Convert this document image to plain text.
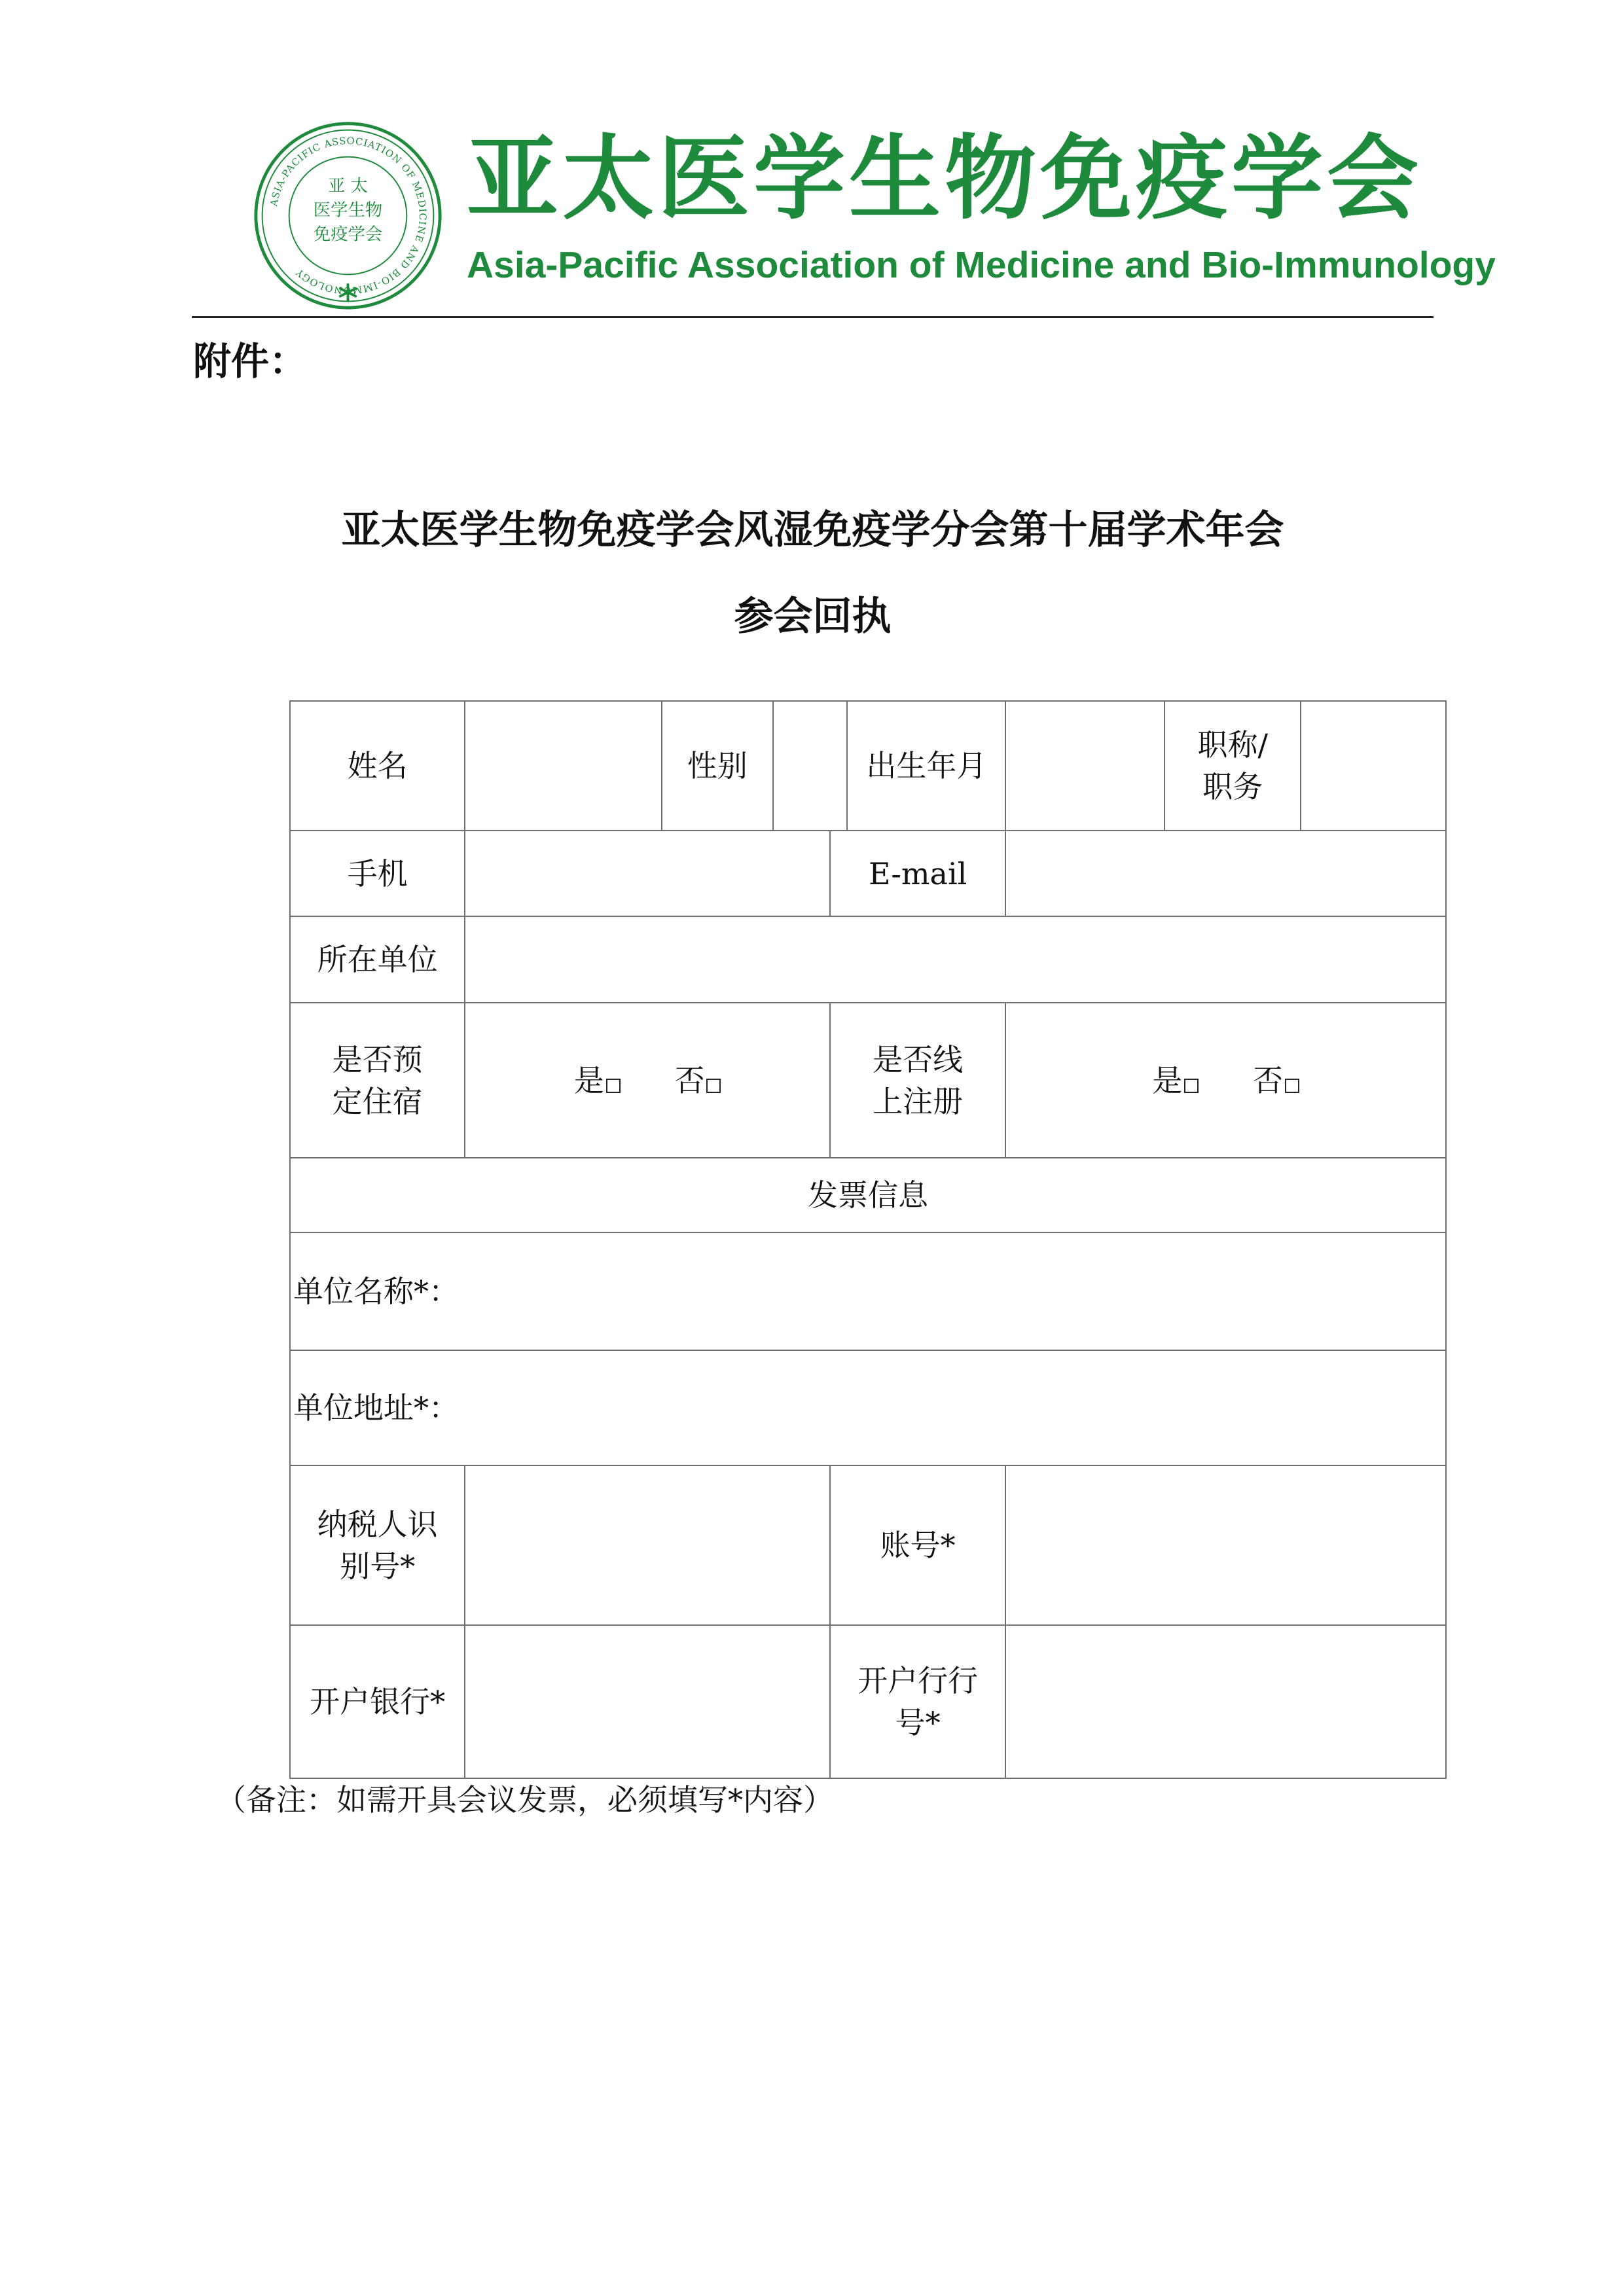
ASIA-PACIFIC ASSOCIATION OF MEDICINE AND BIO-IMM NOLOGY
亚 太
医学生物
免疫学会
亚太医学生物免疫学会
Asia-Pacific Association of Medicine and Bio-Immunology
附件：
亚太医学生物免疫学会风湿免疫学分会第十届学术年会
参会回执
姓名		性别			出生年月		职称/职务	
手机				E-mail				
所在单位								
是否预定住宿	是 否			是否线上注册		是 否		
发票信息								
单位名称*：								
单位地址*：								
纳税人识别号*				账号*				
开户银行*				开户行行号*				
（备注：如需开具会议发票，必须填写*内容）
